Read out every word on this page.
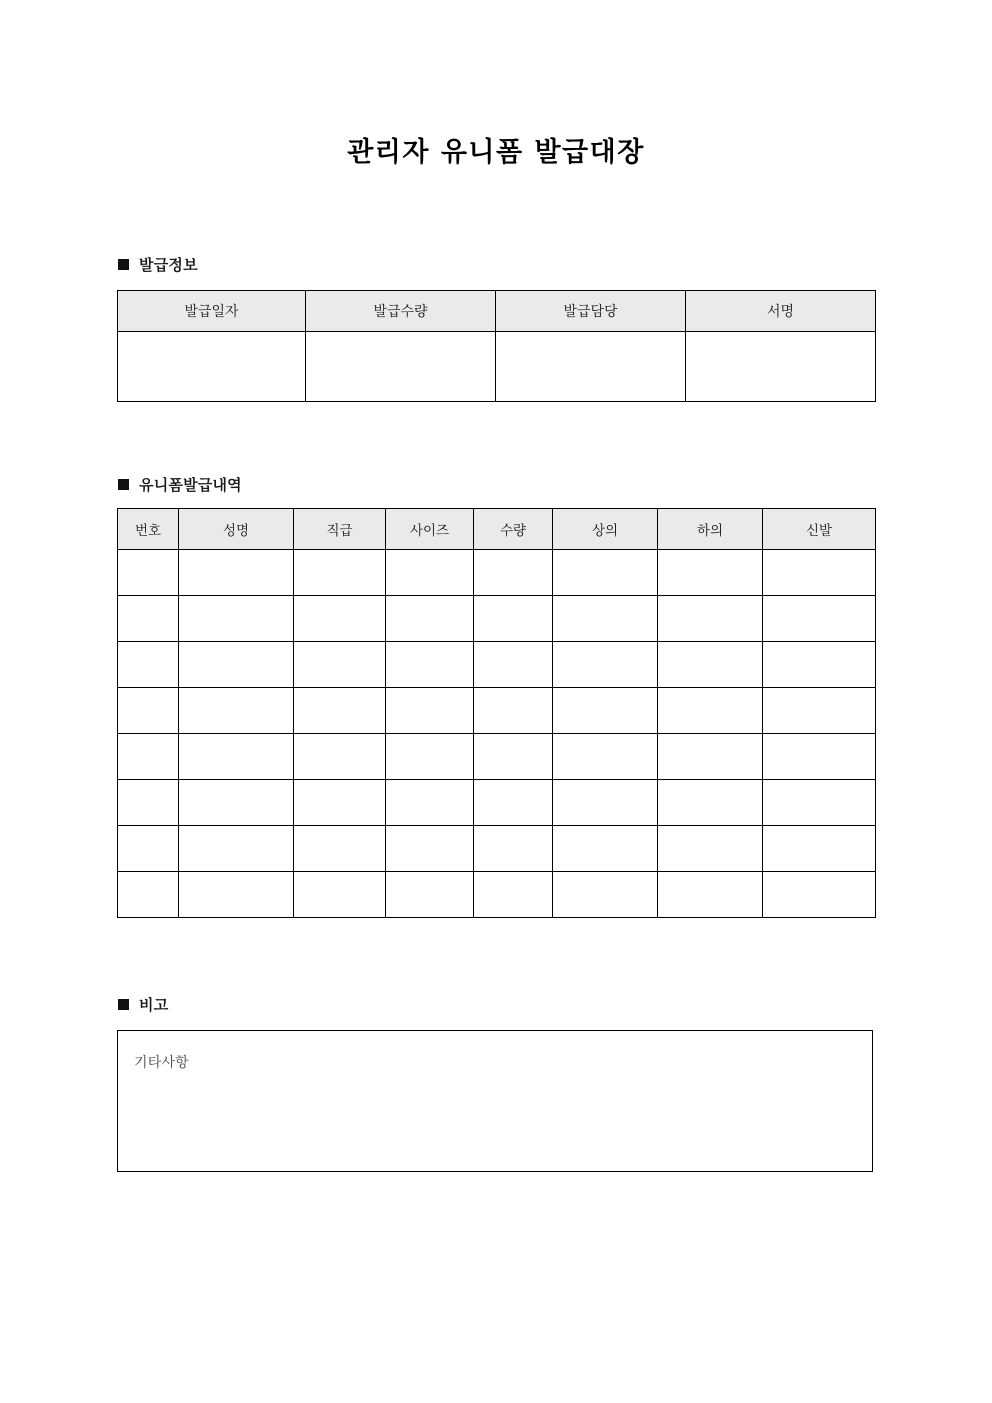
관리자 유니폼 발급대장
발급정보
발급일자	발급수량	발급담당	서명

유니폼발급내역
번호	성명	직급	사이즈	수량	상의	하의	신발

비고
기타사항
